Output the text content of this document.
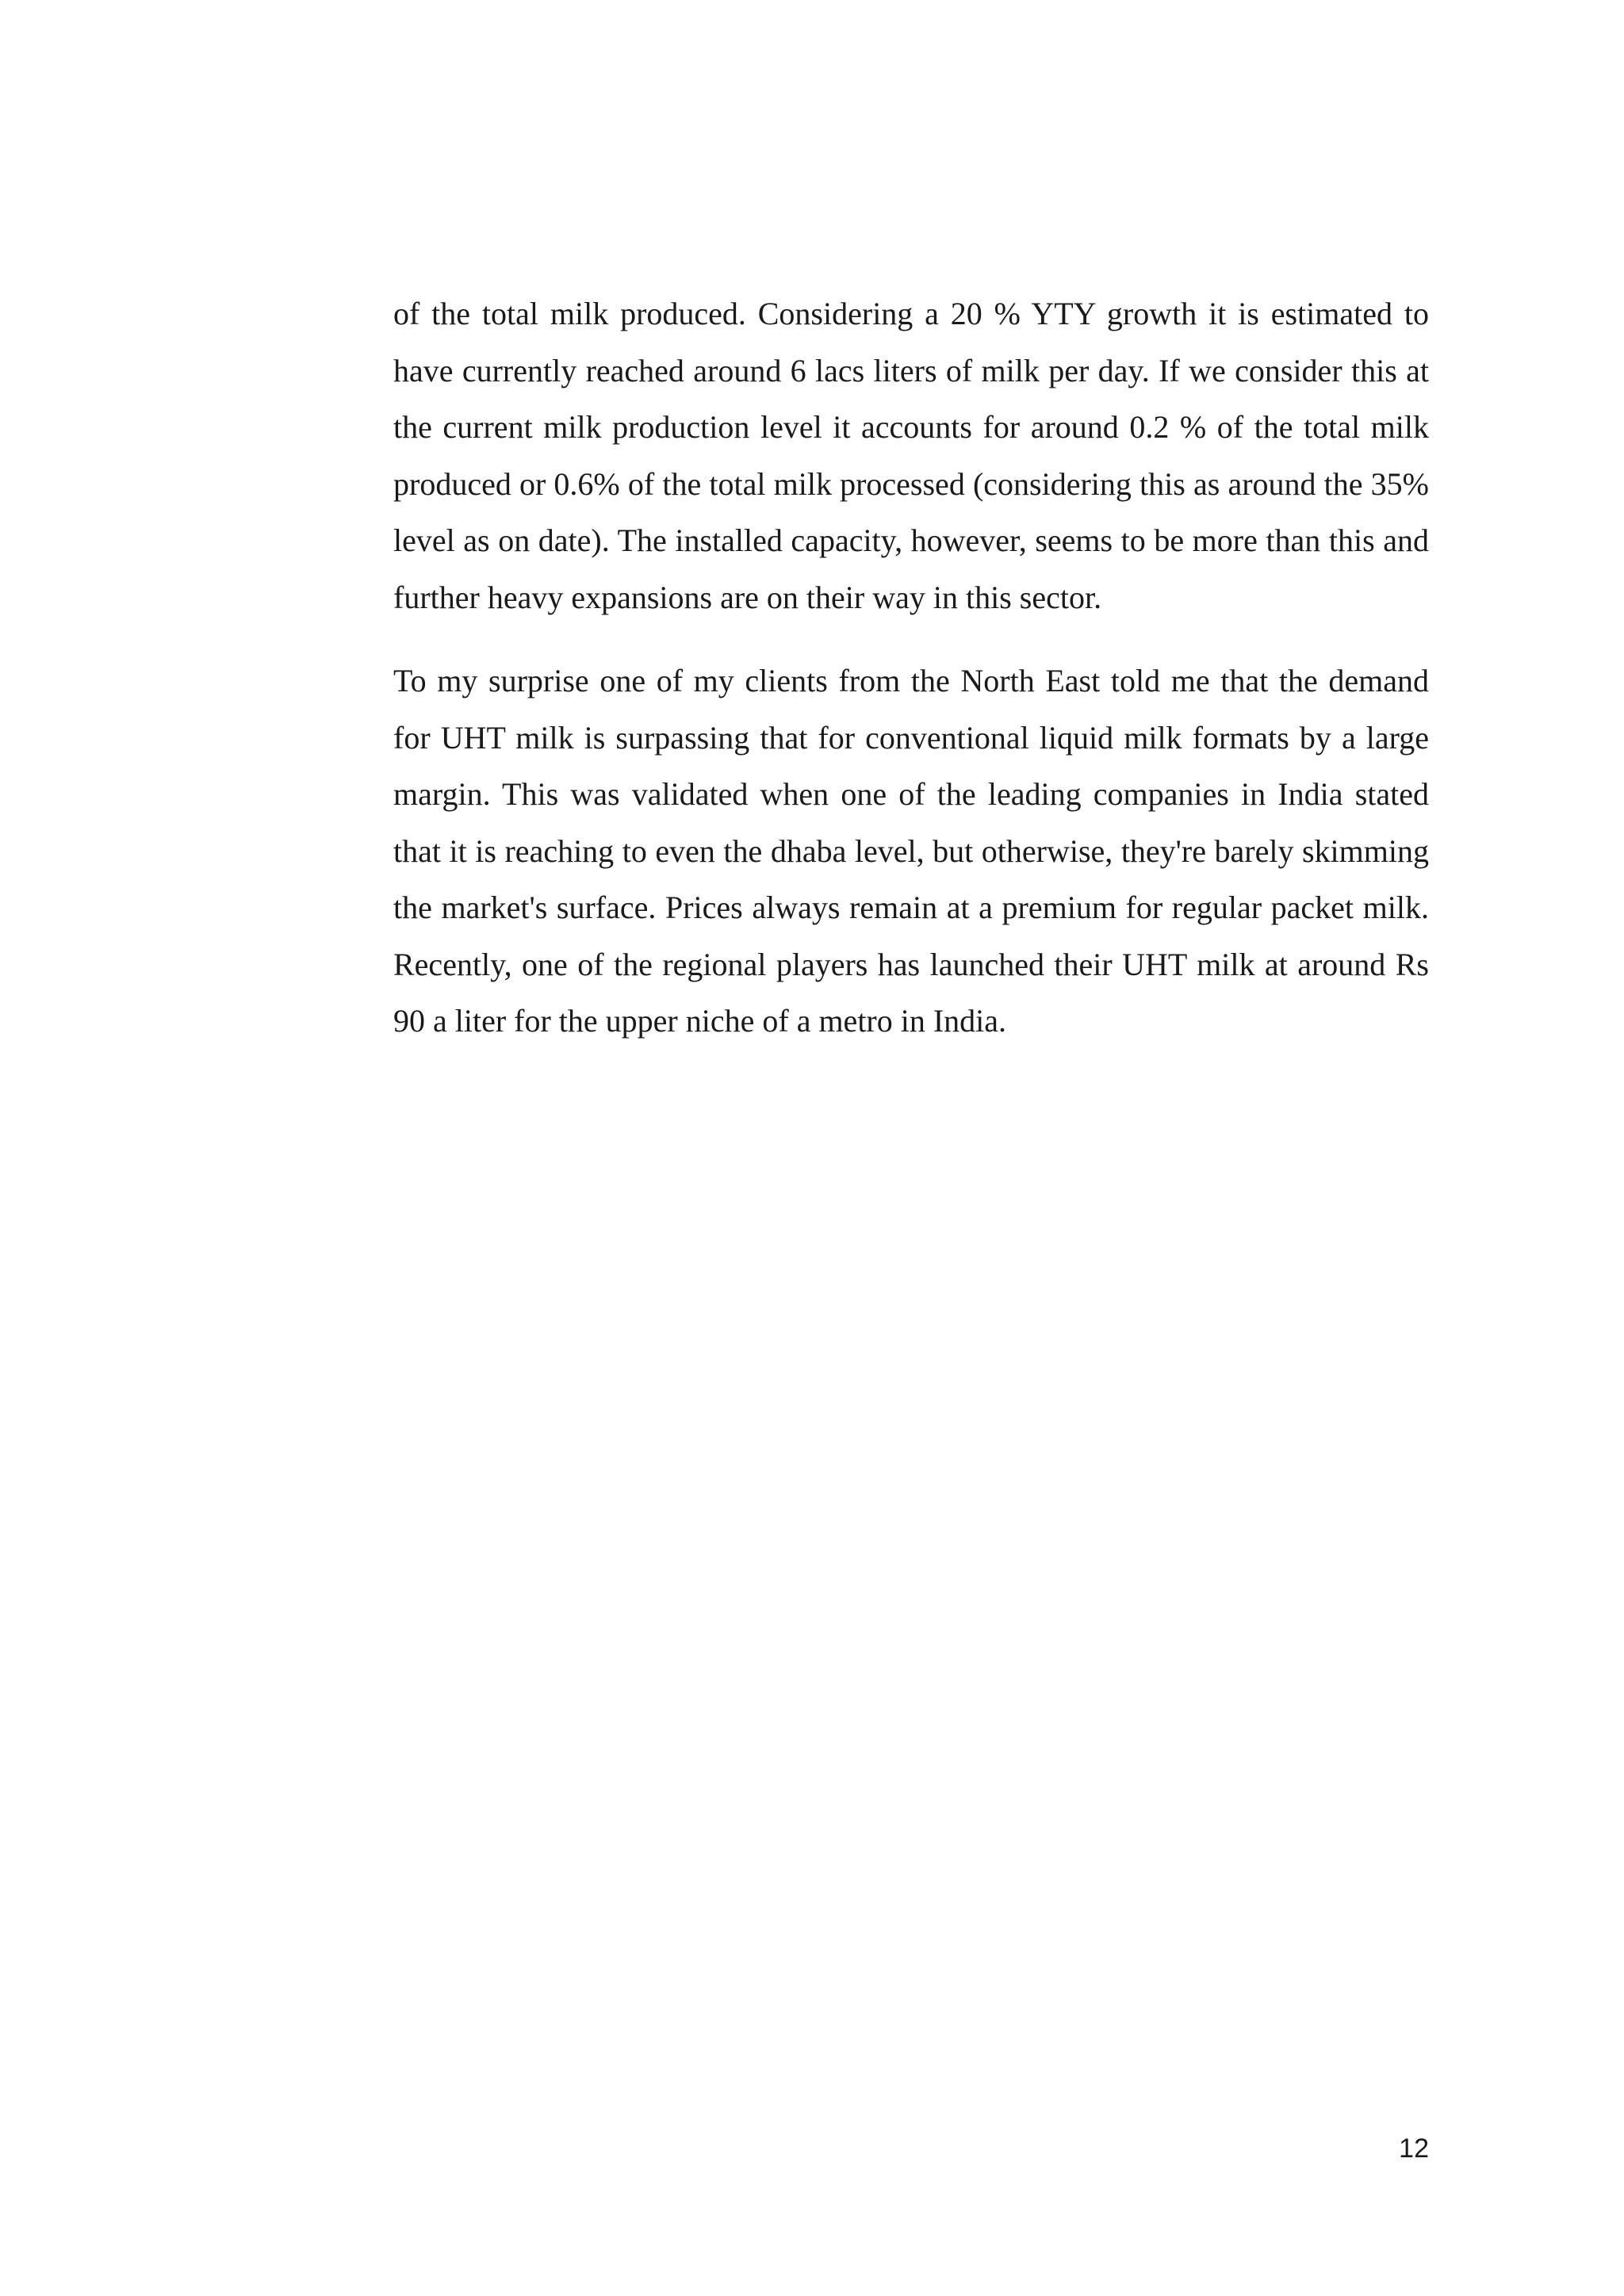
of the total milk produced. Considering a 20 % YTY growth it is estimated to have currently reached around 6 lacs liters of milk per day. If we consider this at the current milk production level it accounts for around 0.2 % of the total milk produced or 0.6% of the total milk processed (considering this as around the 35% level as on date). The installed capacity, however, seems to be more than this and further heavy expansions are on their way in this sector.

To my surprise one of my clients from the North East told me that the demand for UHT milk is surpassing that for conventional liquid milk formats by a large margin. This was validated when one of the leading companies in India stated that it is reaching to even the dhaba level, but otherwise, they're barely skimming the market's surface. Prices always remain at a premium for regular packet milk. Recently, one of the regional players has launched their UHT milk at around Rs 90 a liter for the upper niche of a metro in India.

12
